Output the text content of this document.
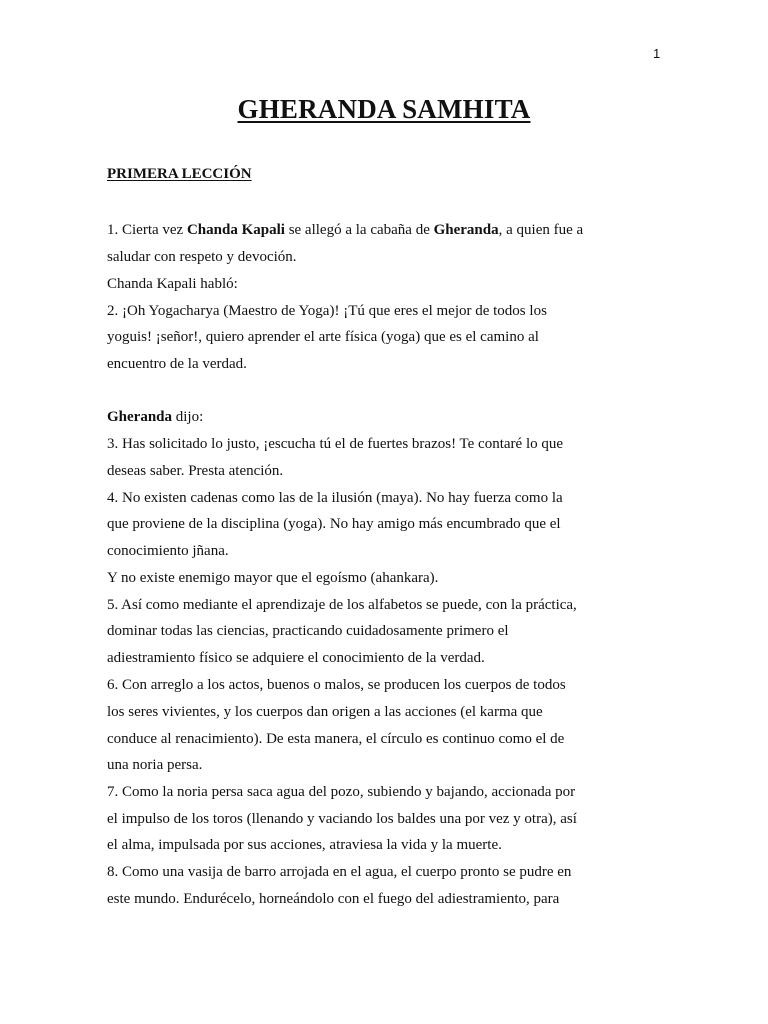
1
GHERANDA SAMHITA
PRIMERA LECCIÓN
1. Cierta vez Chanda Kapali se allegó a la cabaña de Gheranda, a quien fue a
saludar con respeto y devoción.
Chanda Kapali habló:
2. ¡Oh Yogacharya (Maestro de Yoga)! ¡Tú que eres el mejor de todos los
yoguis! ¡señor!, quiero aprender el arte física (yoga) que es el camino al
encuentro de la verdad.
Gheranda dijo:
3. Has solicitado lo justo, ¡escucha tú el de fuertes brazos! Te contaré lo que
deseas saber. Presta atención.
4. No existen cadenas como las de la ilusión (maya). No hay fuerza como la
que proviene de la disciplina (yoga). No hay amigo más encumbrado que el
conocimiento jñana.
Y no existe enemigo mayor que el egoísmo (ahankara).
5. Así como mediante el aprendizaje de los alfabetos se puede, con la práctica,
dominar todas las ciencias, practicando cuidadosamente primero el
adiestramiento físico se adquiere el conocimiento de la verdad.
6. Con arreglo a los actos, buenos o malos, se producen los cuerpos de todos
los seres vivientes, y los cuerpos dan origen a las acciones (el karma que
conduce al renacimiento). De esta manera, el círculo es continuo como el de
una noria persa.
7. Como la noria persa saca agua del pozo, subiendo y bajando, accionada por
el impulso de los toros (llenando y vaciando los baldes una por vez y otra), así
el alma, impulsada por sus acciones, atraviesa la vida y la muerte.
8. Como una vasija de barro arrojada en el agua, el cuerpo pronto se pudre en
este mundo. Endurécelo, horneándolo con el fuego del adiestramiento, para
